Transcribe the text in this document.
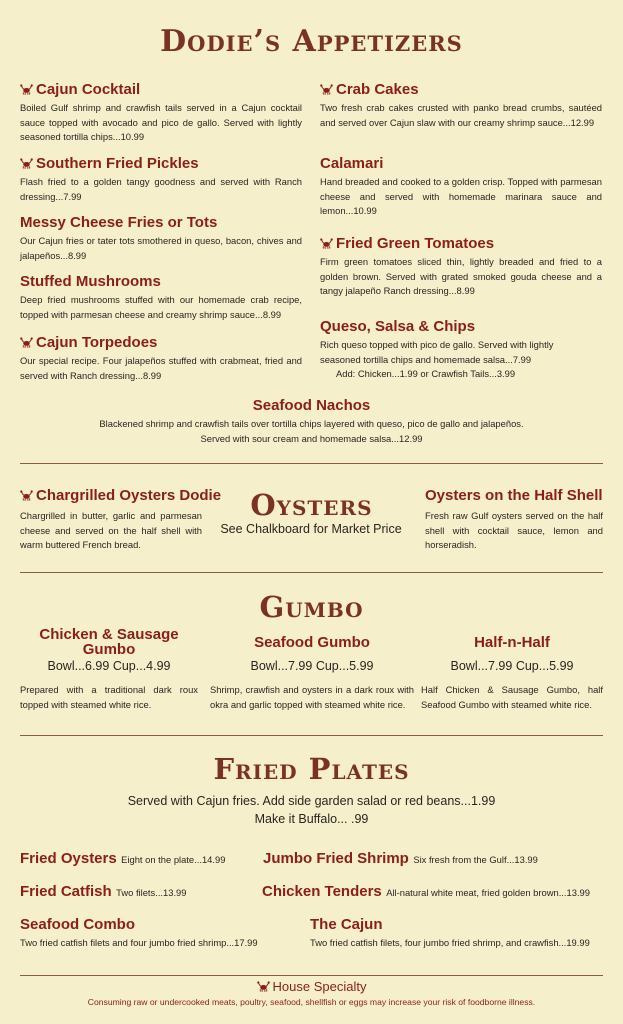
Dodie’s Appetizers
Cajun Cocktail
Boiled Gulf shrimp and crawfish tails served in a Cajun cocktail sauce topped with avocado and pico de gallo. Served with lightly seasoned tortilla chips...10.99
Southern Fried Pickles
Flash fried to a golden tangy goodness and served with Ranch dressing...7.99
Messy Cheese Fries or Tots
Our Cajun fries or tater tots smothered in queso, bacon, chives and jalapeños...8.99
Stuffed Mushrooms
Deep fried mushrooms stuffed with our homemade crab recipe, topped with parmesan cheese and creamy shrimp sauce...8.99
Cajun Torpedoes
Our special recipe. Four jalapeños stuffed with crabmeat, fried and served with Ranch dressing...8.99
Crab Cakes
Two fresh crab cakes crusted with panko bread crumbs, sautéed and served over Cajun slaw with our creamy shrimp sauce...12.99
Calamari
Hand breaded and cooked to a golden crisp. Topped with parmesan cheese and served with homemade marinara sauce and lemon...10.99
Fried Green Tomatoes
Firm green tomatoes sliced thin, lightly breaded and fried to a golden brown. Served with grated smoked gouda cheese and a tangy jalapeño Ranch dressing...8.99
Queso, Salsa & Chips
Rich queso topped with pico de gallo. Served with lightly seasoned tortilla chips and homemade salsa...7.99
Add: Chicken...1.99 or Crawfish Tails...3.99
Seafood Nachos
Blackened shrimp and crawfish tails over tortilla chips layered with queso, pico de gallo and jalapeños.
Served with sour cream and homemade salsa...12.99
Chargrilled Oysters Dodie
Chargrilled in butter, garlic and parmesan cheese and served on the half shell with warm buttered French bread.
Oysters
See Chalkboard for Market Price
Oysters on the Half Shell
Fresh raw Gulf oysters served on the half shell with cocktail sauce, lemon and horseradish.
Gumbo
Chicken & Sausage Gumbo
Bowl...6.99 Cup...4.99
Prepared with a traditional dark roux topped with steamed white rice.
Seafood Gumbo
Bowl...7.99 Cup...5.99
Shrimp, crawfish and oysters in a dark roux with okra and garlic topped with steamed white rice.
Half-n-Half
Bowl...7.99 Cup...5.99
Half Chicken & Sausage Gumbo, half Seafood Gumbo with steamed white rice.
Fried Plates
Served with Cajun fries. Add side garden salad or red beans...1.99
Make it Buffalo... .99
Fried Oysters Eight on the plate...14.99	Jumbo Fried Shrimp Six fresh from the Gulf...13.99
Fried Catfish Two filets...13.99	Chicken Tenders All-natural white meat, fried golden brown...13.99
Seafood Combo
Two fried catfish filets and four jumbo fried shrimp...17.99
The Cajun
Two fried catfish filets, four jumbo fried shrimp, and crawfish...19.99
House Specialty
Consuming raw or undercooked meats, poultry, seafood, shellfish or eggs may increase your risk of foodborne illness.
